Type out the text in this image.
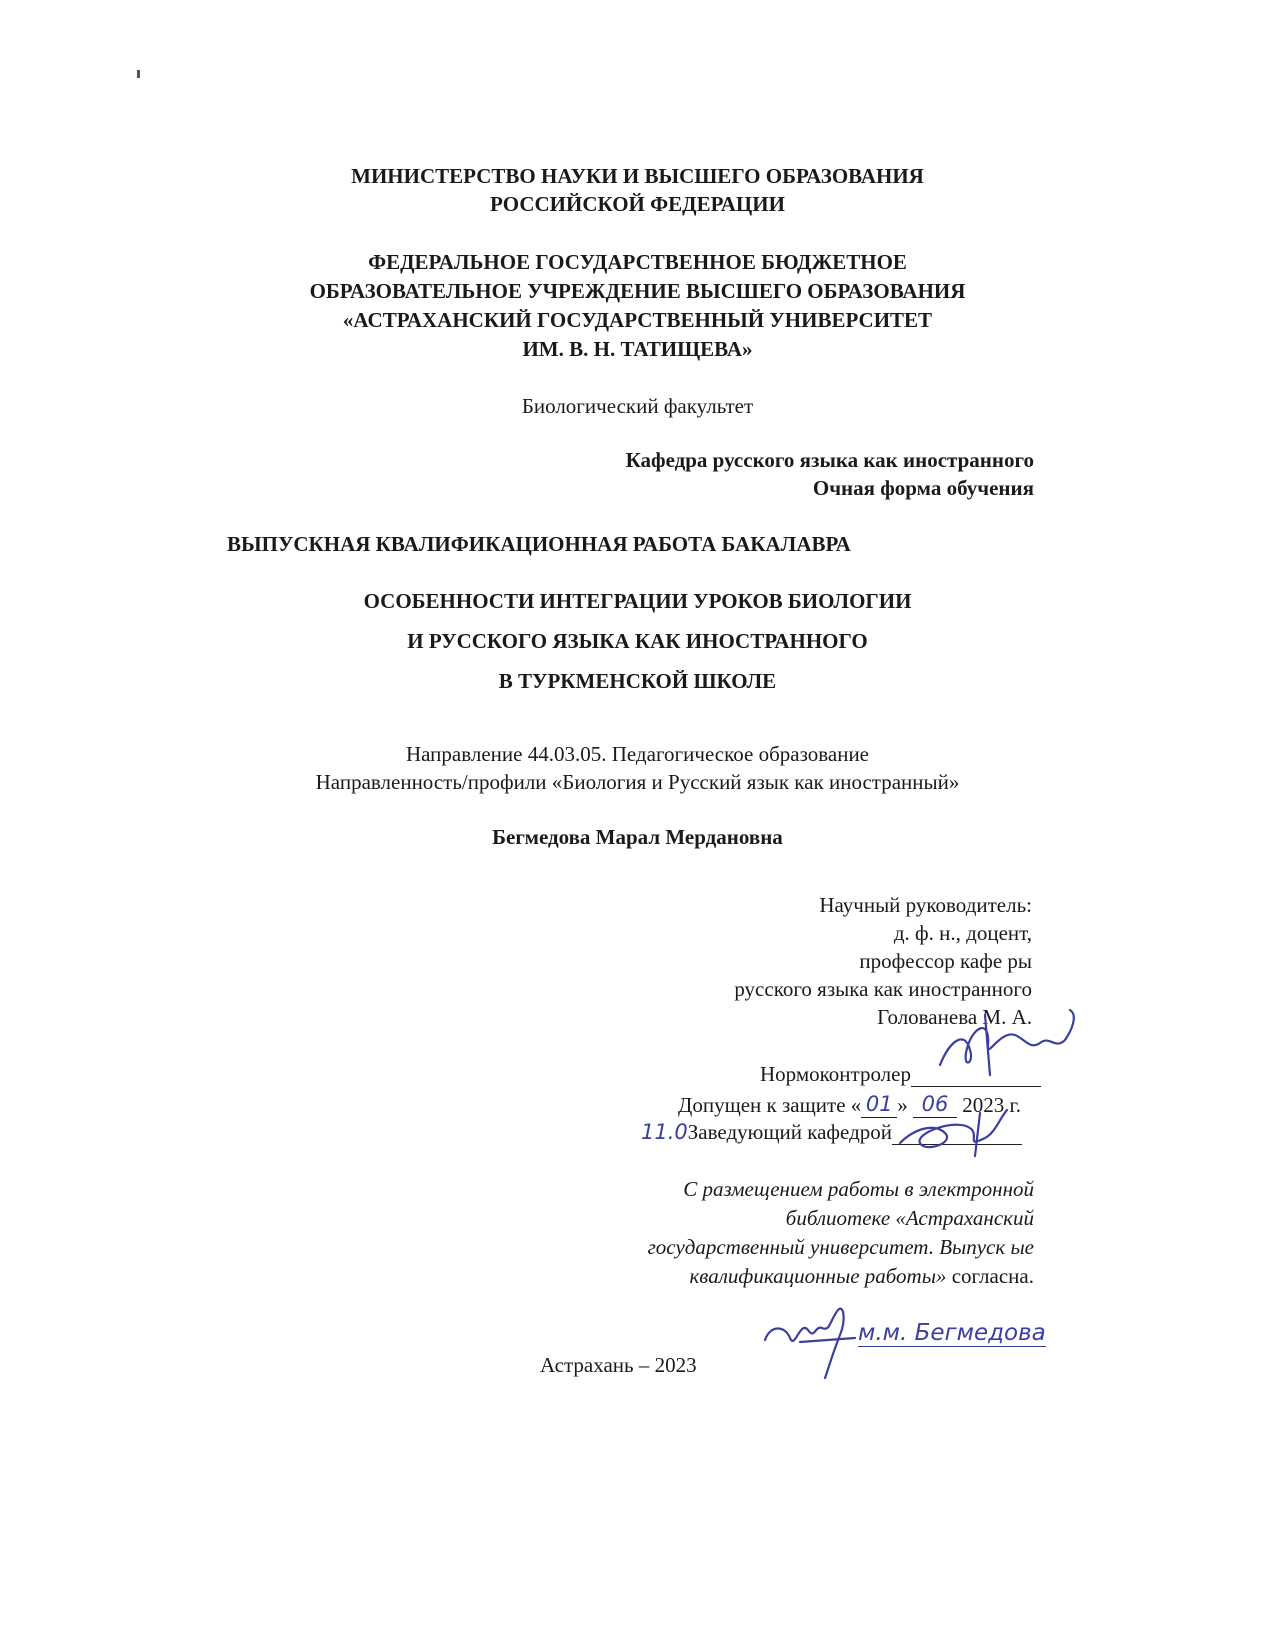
МИНИСТЕРСТВО НАУКИ И ВЫСШЕГО ОБРАЗОВАНИЯ
РОССИЙСКОЙ ФЕДЕРАЦИИ
ФЕДЕРАЛЬНОЕ ГОСУДАРСТВЕННОЕ БЮДЖЕТНОЕ
ОБРАЗОВАТЕЛЬНОЕ УЧРЕЖДЕНИЕ ВЫСШЕГО ОБРАЗОВАНИЯ
«АСТРАХАНСКИЙ ГОСУДАРСТВЕННЫЙ УНИВЕРСИТЕТ
ИМ. В. Н. ТАТИЩЕВА»
Биологический факультет
Кафедра русского языка как иностранного
Очная форма обучения
ВЫПУСКНАЯ КВАЛИФИКАЦИОННАЯ РАБОТА БАКАЛАВРА
ОСОБЕННОСТИ ИНТЕГРАЦИИ УРОКОВ БИОЛОГИИ
И РУССКОГО ЯЗЫКА КАК ИНОСТРАННОГО
В ТУРКМЕНСКОЙ ШКОЛЕ
Направление 44.03.05. Педагогическое образование
Направленность/профили «Биология и Русский язык как иностранный»
Бегмедова Марал Мердановна
Научный руководитель:
д. ф. н., доцент,
профессор кафе ры
русского языка как иностранного
Голованева М. А.
Нормоконтролер
Допущен к защите « 01 » 06 2023 г.
11.0Заведующий кафедрой
С размещением работы в электронной
библиотеке «Астраханский
государственный университет. Выпуск ые
квалификационные работы» согласна.
м.м. Бегмедова
Астрахань – 2023
